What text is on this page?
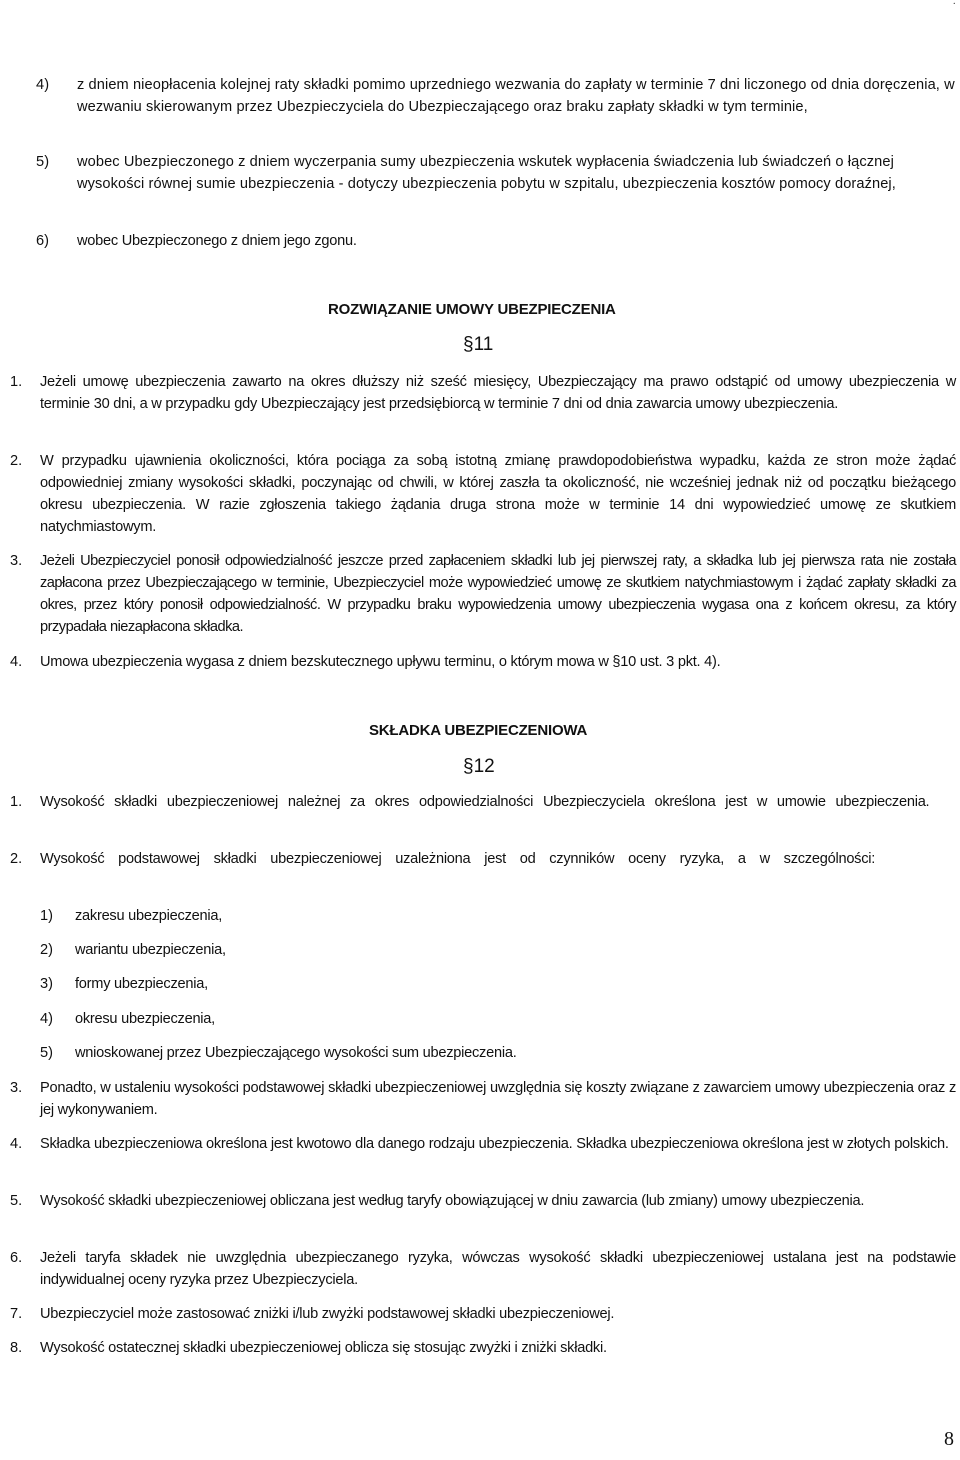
.
4) z dniem nieopłacenia kolejnej raty składki pomimo uprzedniego wezwania do zapłaty w terminie 7 dni liczonego od dnia doręczenia, w wezwaniu skierowanym przez Ubezpieczyciela do Ubezpieczającego oraz braku zapłaty składki w tym terminie,
5) wobec Ubezpieczonego z dniem wyczerpania sumy ubezpieczenia wskutek wypłacenia świadczenia lub świadczeń o łącznej wysokości równej sumie ubezpieczenia - dotyczy ubezpieczenia pobytu w szpitalu, ubezpieczenia kosztów pomocy doraźnej,
6) wobec Ubezpieczonego z dniem jego zgonu.
ROZWIĄZANIE UMOWY UBEZPIECZENIA
§11
1. Jeżeli umowę ubezpieczenia zawarto na okres dłuższy niż sześć miesięcy, Ubezpieczający ma prawo odstąpić od umowy ubezpieczenia w terminie 30 dni, a w przypadku gdy Ubezpieczający jest przedsiębiorcą w terminie 7 dni od dnia zawarcia umowy ubezpieczenia.
2. W przypadku ujawnienia okoliczności, która pociąga za sobą istotną zmianę prawdopodobieństwa wypadku, każda ze stron może żądać odpowiedniej zmiany wysokości składki, poczynając od chwili, w której zaszła ta okoliczność, nie wcześniej jednak niż od początku bieżącego okresu ubezpieczenia. W razie zgłoszenia takiego żądania druga strona może w terminie 14 dni wypowiedzieć umowę ze skutkiem natychmiastowym.
3. Jeżeli Ubezpieczyciel ponosił odpowiedzialność jeszcze przed zapłaceniem składki lub jej pierwszej raty, a składka lub jej pierwsza rata nie została zapłacona przez Ubezpieczającego w terminie, Ubezpieczyciel może wypowiedzieć umowę ze skutkiem natychmiastowym i żądać zapłaty składki za okres, przez który ponosił odpowiedzialność. W przypadku braku wypowiedzenia umowy ubezpieczenia wygasa ona z końcem okresu, za który przypadała niezapłacona składka.
4. Umowa ubezpieczenia wygasa z dniem bezskutecznego upływu terminu, o którym mowa w §10 ust. 3 pkt. 4).
SKŁADKA UBEZPIECZENIOWA
§12
1. Wysokość składki ubezpieczeniowej należnej za okres odpowiedzialności Ubezpieczyciela określona jest w umowie ubezpieczenia.
2. Wysokość podstawowej składki ubezpieczeniowej uzależniona jest od czynników oceny ryzyka, a w szczególności:
1) zakresu ubezpieczenia,
2) wariantu ubezpieczenia,
3) formy ubezpieczenia,
4) okresu ubezpieczenia,
5) wnioskowanej przez Ubezpieczającego wysokości sum ubezpieczenia.
3. Ponadto, w ustaleniu wysokości podstawowej składki ubezpieczeniowej uwzględnia się koszty związane z zawarciem umowy ubezpieczenia oraz z jej wykonywaniem.
4. Składka ubezpieczeniowa określona jest kwotowo dla danego rodzaju ubezpieczenia. Składka ubezpieczeniowa określona jest w złotych polskich.
5. Wysokość składki ubezpieczeniowej obliczana jest według taryfy obowiązującej w dniu zawarcia (lub zmiany) umowy ubezpieczenia.
6. Jeżeli taryfa składek nie uwzględnia ubezpieczanego ryzyka, wówczas wysokość składki ubezpieczeniowej ustalana jest na podstawie indywidualnej oceny ryzyka przez Ubezpieczyciela.
7. Ubezpieczyciel może zastosować zniżki i/lub zwyżki podstawowej składki ubezpieczeniowej.
8. Wysokość ostatecznej składki ubezpieczeniowej oblicza się stosując zwyżki i zniżki składki.
8
